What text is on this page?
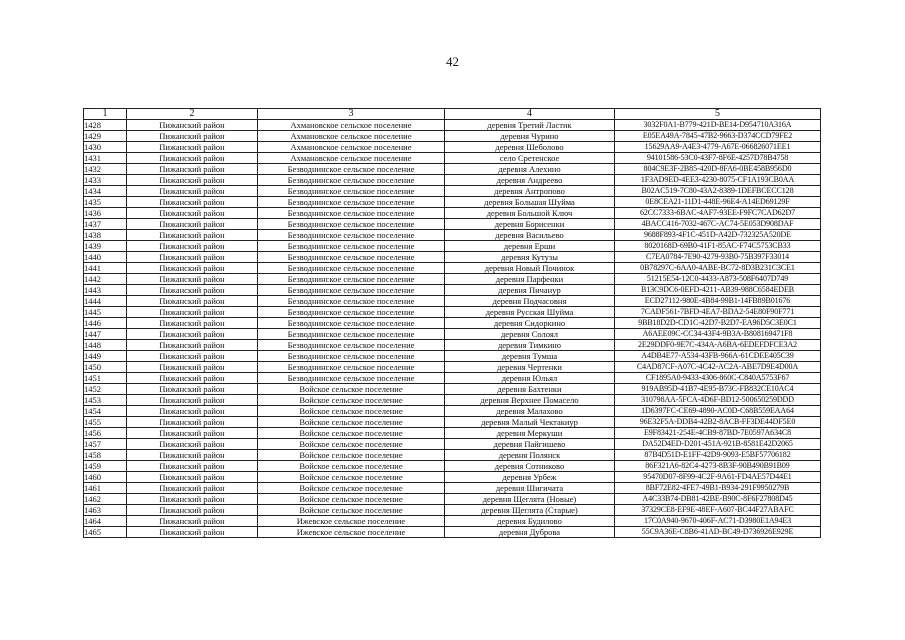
42
1	2	3	4	5
1428	Пижанский район	Ахмановское сельское поселение	деревня Третий Ластик	3032F0A1-B779-421D-BE14-D954710A316A
1429	Пижанский район	Ахмановское сельское поселение	деревня Чурино	E05EA49A-7845-47B2-9663-D374CCD79FE2
1430	Пижанский район	Ахмановское сельское поселение	деревня Шеболово	15629AA9-A4E3-4779-A67E-066826071EE1
1431	Пижанский район	Ахмановское сельское поселение	село Сретенское	94101586-53C0-43F7-8F6E-4257D78B4758
1432	Пижанский район	Безводнинское сельское поселение	деревня Алехино	804C9E3F-2B85-420D-8FA6-0BE458B956D0
1433	Пижанский район	Безводнинское сельское поселение	деревня Андреево	1F3AD9ED-4EE3-4230-8075-CF1A193CB0AA
1434	Пижанский район	Безводнинское сельское поселение	деревня Антропово	B02AC519-7C80-43A2-8389-1DEFBCECC128
1435	Пижанский район	Безводнинское сельское поселение	деревня Большая Шуйма	0E8CEA21-11D1-448E-96E4-A14ED69129F
1436	Пижанский район	Безводнинское сельское поселение	деревня Большой Ключ	62CC7333-6BAC-4AF7-93EE-F9FC7CAD62D7
1437	Пижанский район	Безводнинское сельское поселение	деревня Борисенки	4BACC416-7032-467C-AC74-5E053D908DAF
1438	Пижанский район	Безводнинское сельское поселение	деревня Васильево	9688F893-4F1C-451D-A42D-732325A520DE
1439	Пижанский район	Безводнинское сельское поселение	деревня Ерши	8020168D-69B0-41F1-85AC-F74C5753CB33
1440	Пижанский район	Безводнинское сельское поселение	деревня Кутузы	C7EA0784-7E90-4279-93B0-75B397F33014
1441	Пижанский район	Безводнинское сельское поселение	деревня Новый Починок	0B78297C-6AA0-4ABE-BC72-8D3B231C3CE1
1442	Пижанский район	Безводнинское сельское поселение	деревня Парфенки	51215E54-12C0-4433-A873-508F6407D749
1443	Пижанский район	Безводнинское сельское поселение	деревня Пичанур	B13C9DC6-0EFD-4211-AB39-988C6584EDEB
1444	Пижанский район	Безводнинское сельское поселение	деревня Подчасовня	ECD27112-980E-4B84-99B1-14FB89B01676
1445	Пижанский район	Безводнинское сельское поселение	деревня Русская Шуйма	7CADF561-7BFD-4EA7-BDA2-54E80F90F771
1446	Пижанский район	Безводнинское сельское поселение	деревня Сидоркино	9BB18D2D-CD1C-42D7-B2D7-EA96D5C3E0C1
1447	Пижанский район	Безводнинское сельское поселение	деревня Солоял	A6AEE09C-CC34-43F4-9B3A-B808169471F8
1448	Пижанский район	Безводнинское сельское поселение	деревня Тимкино	2E29DDF0-9E7C-434A-A6BA-6EDEFDFCE3A2
1449	Пижанский район	Безводнинское сельское поселение	деревня Тумша	A4DB4E77-A534-43FB-966A-61CDEE405C39
1450	Пижанский район	Безводнинское сельское поселение	деревня Чертенки	C4AD87CF-A07C-4C42-AC2A-ABE7D9E4D00A
1451	Пижанский район	Безводнинское сельское поселение	деревня Юльял	CF1895A0-9433-4306-860C-C840A5753F67
1452	Пижанский район	Войское сельское поселение	деревня Бахтенки	919AB95D-41B7-4E95-B73C-FB832CE10AC4
1453	Пижанский район	Войское сельское поселение	деревня Верхнее Помасело	310798AA-5FCA-4D6F-BD12-500650259DDD
1454	Пижанский район	Войское сельское поселение	деревня Малахово	1D6397FC-CE69-4890-AC0D-C68B559EAA64
1455	Пижанский район	Войское сельское поселение	деревня Малый Чектакиур	96E32F5A-DDB4-42B2-8ACB-FF3DE44DF5E0
1456	Пижанский район	Войское сельское поселение	деревня Меркуши	E9F83421-254E-4CB9-87BD-7E0597A634C8
1457	Пижанский район	Войское сельское поселение	деревня Пайгишево	DA52D4ED-D201-451A-921B-8581E42D2065
1458	Пижанский район	Войское сельское поселение	деревня Полянск	87B4D51D-E1FF-42D9-9093-E5BF57706182
1459	Пижанский район	Войское сельское поселение	деревня Сотниково	86F321A6-82C4-4273-8B3F-90B490B91B09
1460	Пижанский район	Войское сельское поселение	деревня Урбеж	95470D07-8F99-4C2F-9A61-FD4AE57D44E1
1461	Пижанский район	Войское сельское поселение	деревня Шигичата	8BF72E82-4FE7-49B1-B934-291F9950279B
1462	Пижанский район	Войское сельское поселение	деревня Щеглята (Новые)	A4C33B74-DB81-42BE-B90C-8F6F27808D45
1463	Пижанский район	Войское сельское поселение	деревня Щеглята (Старые)	37329CE8-EF9E-48EF-A607-BC44F27ABAFC
1464	Пижанский район	Ижевское сельское поселение	деревня Будилово	17C0A940-9670-406F-AC71-D3980E1A94E3
1465	Пижанский район	Ижевское сельское поселение	деревня Дуброва	55C9A36E-C8B6-41AD-BC49-D736926E929E
